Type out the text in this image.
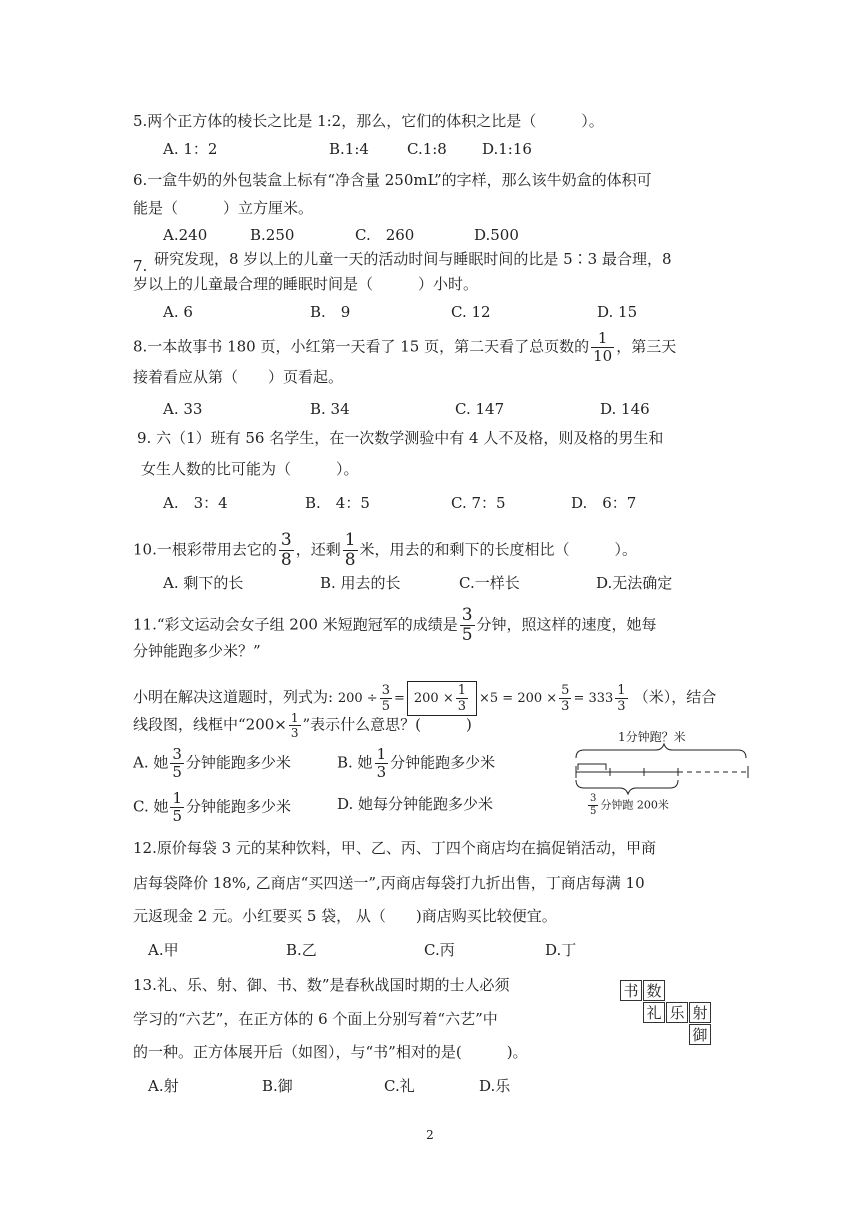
5.两个正方体的棱长之比是 1:2，那么，它们的体积之比是（　　　）。
A. 1：2	B.1:4	C.1:8 D.1:16
6.一盒牛奶的外包装盒上标有“净含量 250mL”的字样，那么该牛奶盒的体积可
能是（　　　）立方厘米。
A.240	B.250	C.　260	D.500
7. 研究发现，8 岁以上的儿童一天的活动时间与睡眠时间的比是 5∶3 最合理，8
岁以上的儿童最合理的睡眠时间是（　　　）小时。
A. 6	B.　9	C. 12	D. 15
8.一本故事书 180 页，小红第一天看了 15 页，第二天看了总页数的 $\frac{1}{10}$ ，第三天
接着看应从第（　　）页看起。
A. 33	B. 34	C. 147	D. 146
9. 六（1）班有 56 名学生，在一次数学测验中有 4 人不及格，则及格的男生和
女生人数的比可能为（　　　）。
A.　3：4	B.　4：5	C. 7：5	D.　6：7
10.一根彩带用去它的 $\frac{3}{8}$ ，还剩 $\frac{1}{8}$ 米，用去的和剩下的长度相比（　　　）。
A. 剩下的长	B. 用去的长	C.一样长	D.无法确定
11.“彩文运动会女子组 200 米短跑冠军的成绩是 $\frac{3}{5}$ 分钟，照这样的速度，她每
分钟能跑多少米？”
小明在解决这道题时，列式为: $200 \div \frac{3}{5} = 200 \times \frac{1}{3} \times 5 = 200 \times \frac{5}{3} = 333 \frac{1}{3}$ （米），结合
线段图，线框中“$200\times \frac{1}{3}$ ”表示什么意思？(　　　)
A. 她 $\frac{3}{5}$ 分钟能跑多少米	B. 她 $\frac{1}{3}$ 分钟能跑多少米
C. 她 $\frac{1}{5}$ 分钟能跑多少米	D. 她每分钟能跑多少米
1分钟跑？米
$\frac{3}{5}$ 分钟跑 200米
12.原价每袋 3 元的某种饮料，甲、乙、丙、丁四个商店均在搞促销活动，甲商
店每袋降价 18%, 乙商店“买四送一”,丙商店每袋打九折出售，丁商店每满 10
元返现金 2 元。小红要买 5 袋， 从（　　)商店购买比较便宜。
A.甲	B.乙	C.丙	D.丁
13.礼、乐、射、御、书、数”是春秋战国时期的士人必须
学习的“六艺”，在正方体的 6 个面上分别写着“六艺”中
的一种。正方体展开后（如图），与“书”相对的是(　　　)。
A.射	B.御	C.礼	D.乐
书 数
礼 乐 射
御
2
